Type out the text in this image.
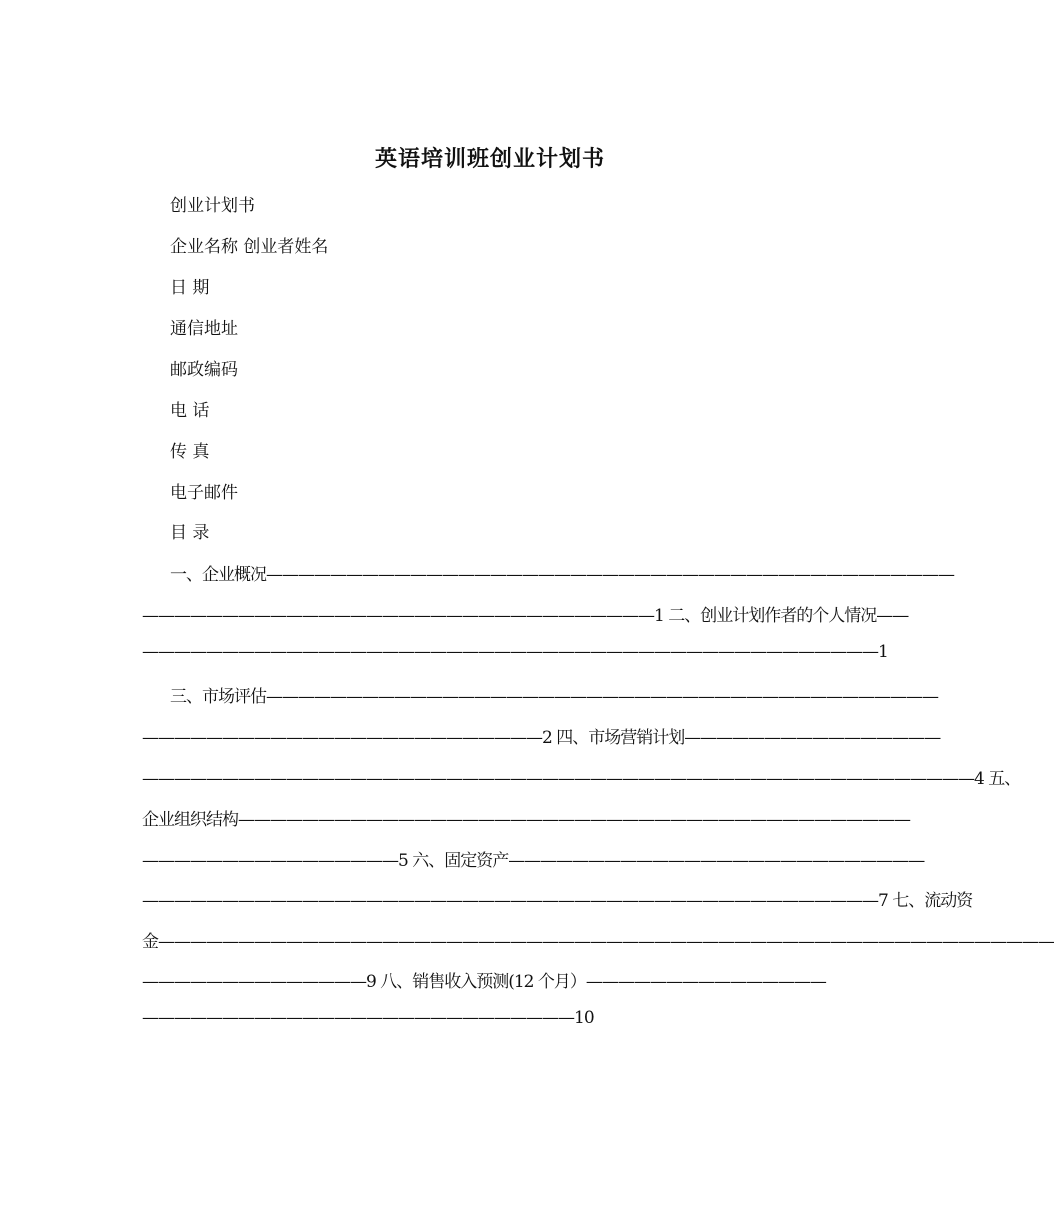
英语培训班创业计划书
创业计划书
企业名称 创业者姓名
日 期
通信地址
邮政编码
电 话
传 真
电子邮件
目 录
一、企业概况———————————————————————————————————————————
————————————————————————————————1 二、创业计划作者的个人情况——
——————————————————————————————————————————————1
三、市场评估——————————————————————————————————————————
—————————————————————————2 四、市场营销计划————————————————
————————————————————————————————————————————————————4 五、
企业组织结构——————————————————————————————————————————
————————————————5 六、固定资产——————————————————————————
——————————————————————————————————————————————7 七、流动资
金————————————————————————————————————————————————————————
——————————————9 八、销售收入预测(12 个月）———————————————
———————————————————————————10
